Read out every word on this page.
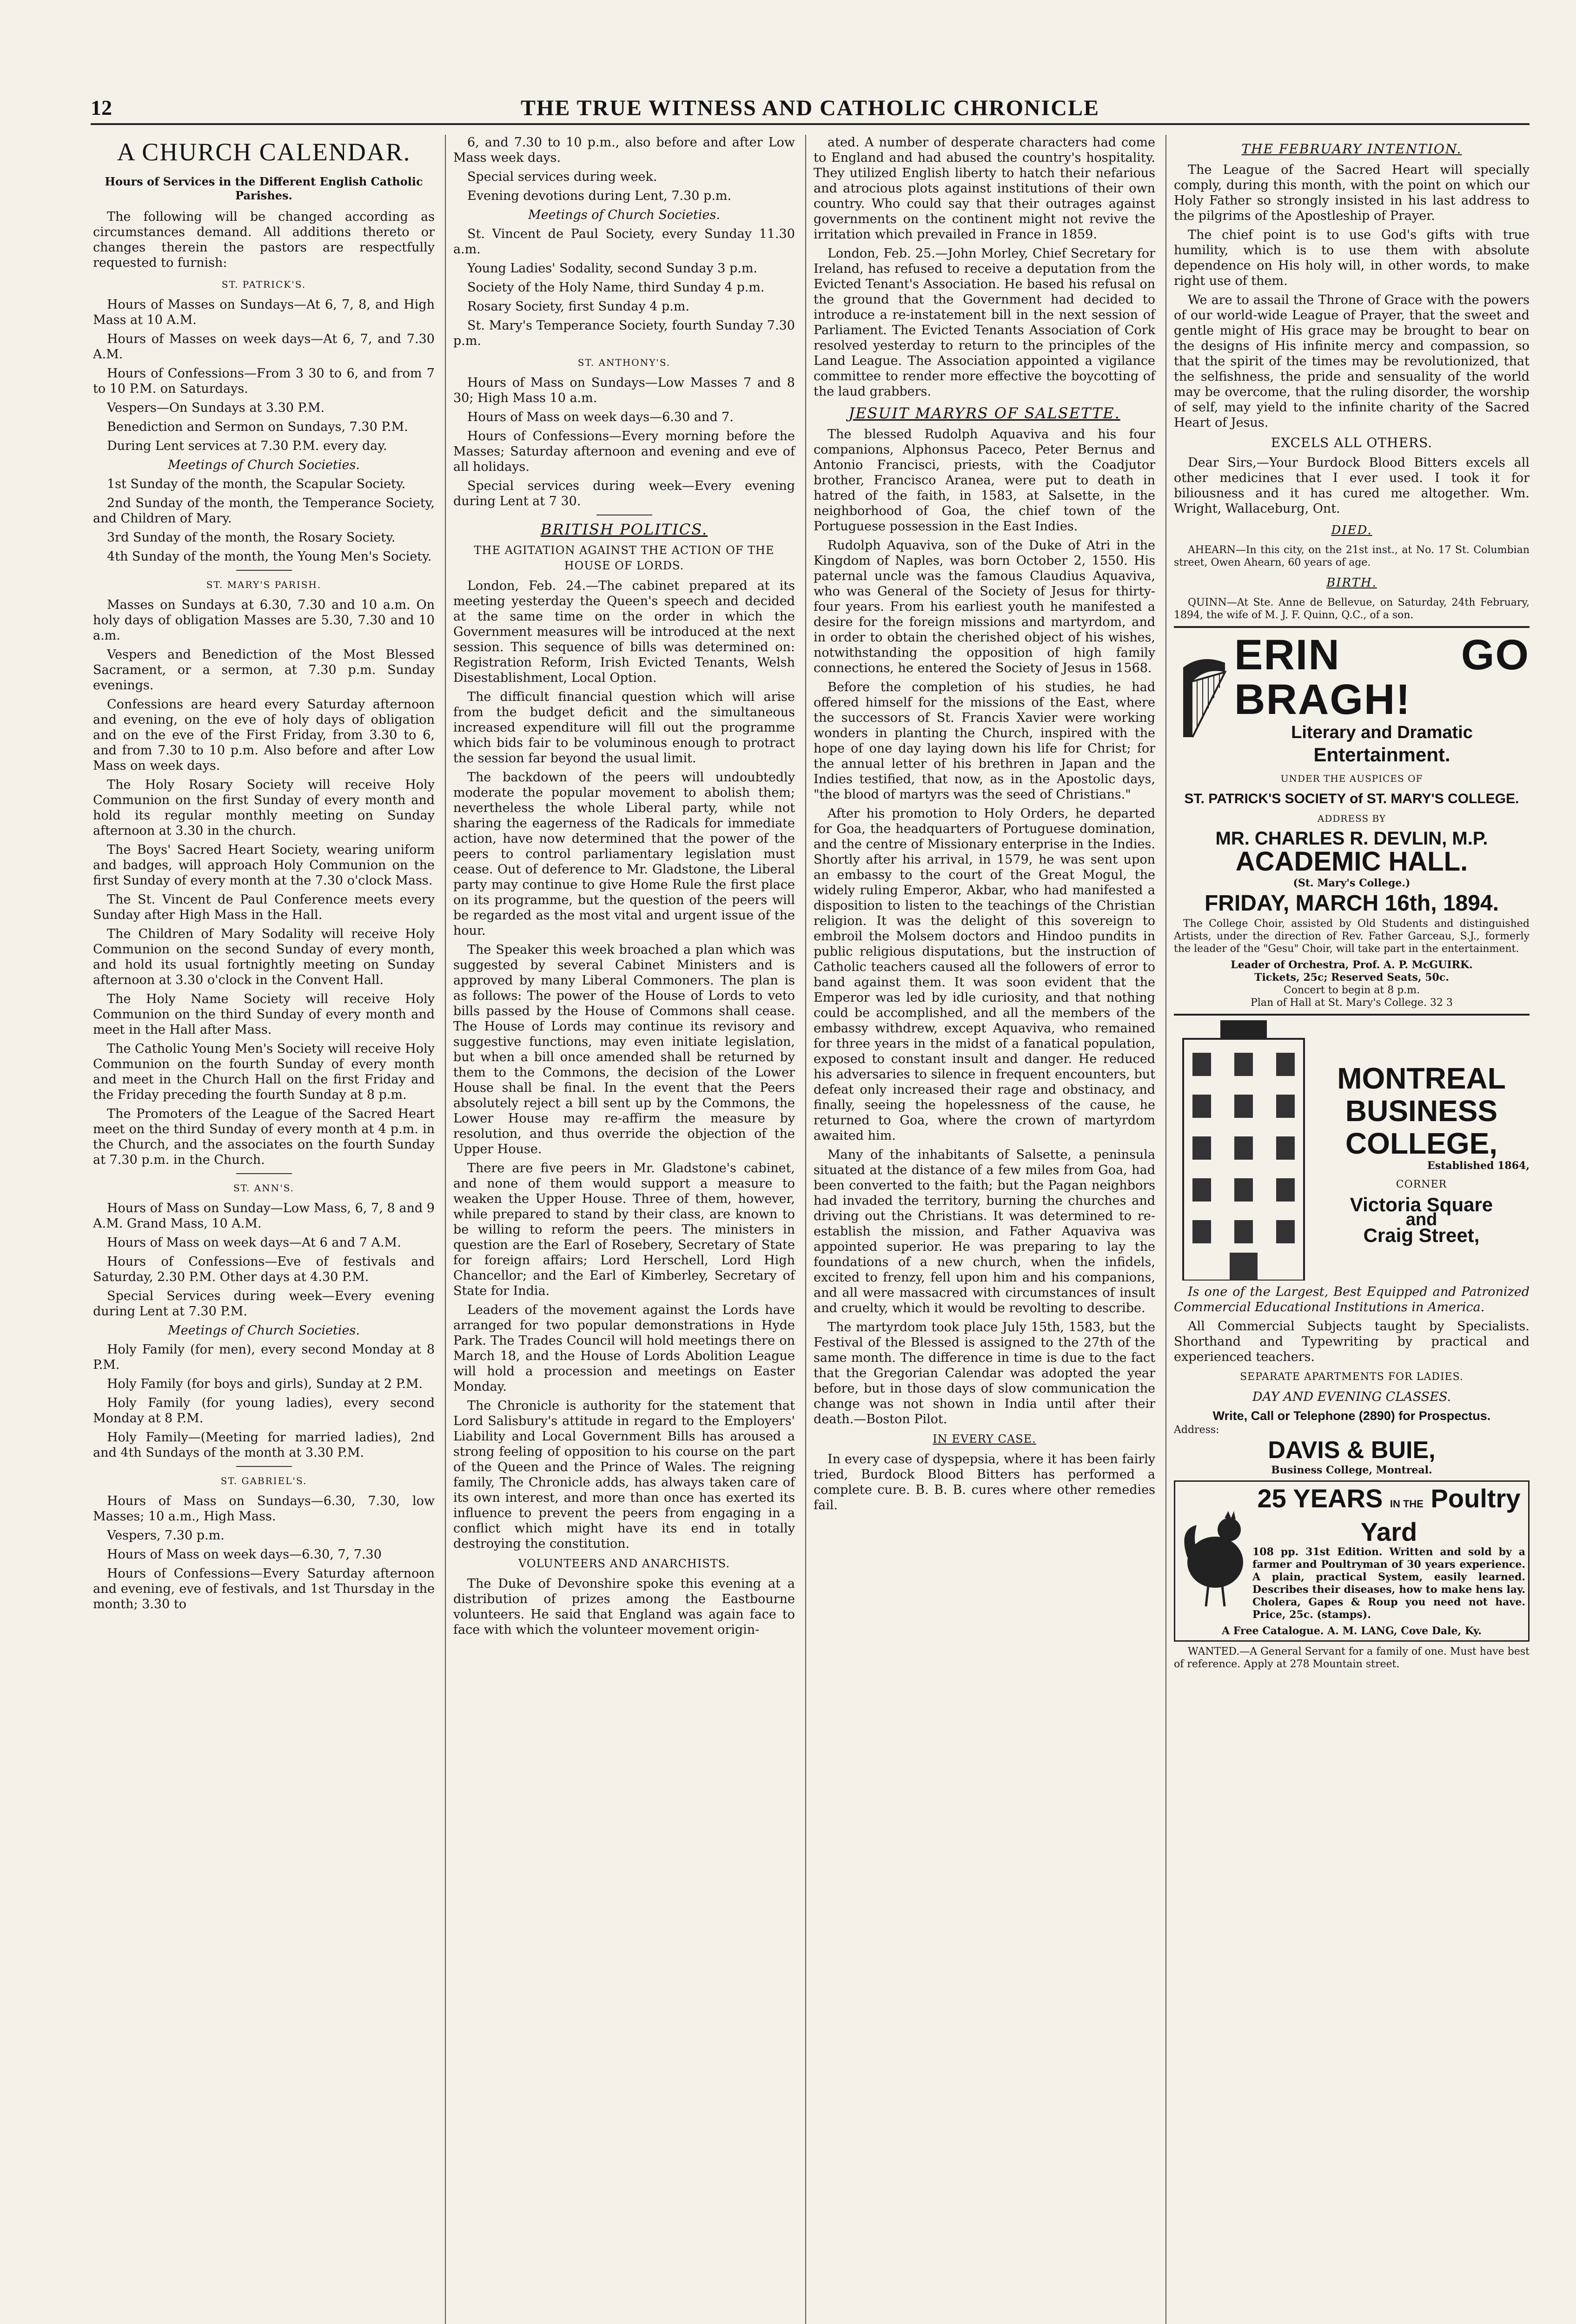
12	THE TRUE WITNESS AND CATHOLIC CHRONICLE
A CHURCH CALENDAR.
Hours of Services in the Different English Catholic Parishes.

The following will be changed according as circumstances demand. All additions thereto or changes therein the pastors are respectfully requested to furnish:

ST. PATRICK'S.

Hours of Masses on Sundays—At 6, 7, 8, and High Mass at 10 A.M.

Hours of Masses on week days—At 6, 7, and 7.30 A.M.

Hours of Confessions—From 3 30 to 6, and from 7 to 10 P.M. on Saturdays.

Vespers—On Sundays at 3.30 P.M.

Benediction and Sermon on Sundays, 7.30 P.M.

During Lent services at 7.30 P.M. every day.

Meetings of Church Societies.

1st Sunday of the month, the Scapular Society.

2nd Sunday of the month, the Temperance Society, and Children of Mary.

3rd Sunday of the month, the Rosary Society.

4th Sunday of the month, the Young Men's Society.

ST. MARY'S PARISH.

Masses on Sundays at 6.30, 7.30 and 10 a.m. On holy days of obligation Masses are 5.30, 7.30 and 10 a.m.

Vespers and Benediction of the Most Blessed Sacrament, or a sermon, at 7.30 p.m. Sunday evenings.

Confessions are heard every Saturday afternoon and evening, on the eve of holy days of obligation and on the eve of the First Friday, from 3.30 to 6, and from 7.30 to 10 p.m. Also before and after Low Mass on week days.

The Holy Rosary Society will receive Holy Communion on the first Sunday of every month and hold its regular monthly meeting on Sunday afternoon at 3.30 in the church.

The Boys' Sacred Heart Society, wearing uniform and badges, will approach Holy Communion on the first Sunday of every month at the 7.30 o'clock Mass.

The St. Vincent de Paul Conference meets every Sunday after High Mass in the Hall.

The Children of Mary Sodality will receive Holy Communion on the second Sunday of every month, and hold its usual fortnightly meeting on Sunday afternoon at 3.30 o'clock in the Convent Hall.

The Holy Name Society will receive Holy Communion on the third Sunday of every month and meet in the Hall after Mass.

The Catholic Young Men's Society will receive Holy Communion on the fourth Sunday of every month and meet in the Church Hall on the first Friday and the Friday preceding the fourth Sunday at 8 p.m.

The Promoters of the League of the Sacred Heart meet on the third Sunday of every month at 4 p.m. in the Church, and the associates on the fourth Sunday at 7.30 p.m. in the Church.

ST. ANN'S.

Hours of Mass on Sunday—Low Mass, 6, 7, 8 and 9 A.M. Grand Mass, 10 A.M.

Hours of Mass on week days—At 6 and 7 A.M.

Hours of Confessions—Eve of festivals and Saturday, 2.30 P.M. Other days at 4.30 P.M.

Special Services during week—Every evening during Lent at 7.30 P.M.

Meetings of Church Societies.

Holy Family (for men), every second Monday at 8 P.M.

Holy Family (for boys and girls), Sunday at 2 P.M.

Holy Family (for young ladies), every second Monday at 8 P.M.

Holy Family—(Meeting for married ladies), 2nd and 4th Sundays of the month at 3.30 P.M.

ST. GABRIEL'S.

Hours of Mass on Sundays—6.30, 7.30, low Masses; 10 a.m., High Mass.

Vespers, 7.30 p.m.

Hours of Mass on week days—6.30, 7, 7.30

Hours of Confessions—Every Saturday afternoon and evening, eve of festivals, and 1st Thursday in the month; 3.30 to

6, and 7.30 to 10 p.m., also before and after Low Mass week days.

Special services during week.

Evening devotions during Lent, 7.30 p.m.

Meetings of Church Societies.

St. Vincent de Paul Society, every Sunday 11.30 a.m.

Young Ladies' Sodality, second Sunday 3 p.m.

Society of the Holy Name, third Sunday 4 p.m.

Rosary Society, first Sunday 4 p.m.

St. Mary's Temperance Society, fourth Sunday 7.30 p.m.

ST. ANTHONY'S.

Hours of Mass on Sundays—Low Masses 7 and 8 30; High Mass 10 a.m.

Hours of Mass on week days—6.30 and 7.

Hours of Confessions—Every morning before the Masses; Saturday afternoon and evening and eve of all holidays.

Special services during week—Every evening during Lent at 7 30.

BRITISH POLITICS.
THE AGITATION AGAINST THE ACTION OF THE HOUSE OF LORDS.

London, Feb. 24.—The cabinet prepared at its meeting yesterday the Queen's speech and decided at the same time on the order in which the Government measures will be introduced at the next session. This sequence of bills was determined on: Registration Reform, Irish Evicted Tenants, Welsh Disestablishment, Local Option.

The difficult financial question which will arise from the budget deficit and the simultaneous increased expenditure will fill out the programme which bids fair to be voluminous enough to protract the session far beyond the usual limit.

The backdown of the peers will undoubtedly moderate the popular movement to abolish them; nevertheless the whole Liberal party, while not sharing the eagerness of the Radicals for immediate action, have now determined that the power of the peers to control parliamentary legislation must cease. Out of deference to Mr. Gladstone, the Liberal party may continue to give Home Rule the first place on its programme, but the question of the peers will be regarded as the most vital and urgent issue of the hour.

The Speaker this week broached a plan which was suggested by several Cabinet Ministers and is approved by many Liberal Commoners. The plan is as follows: The power of the House of Lords to veto bills passed by the House of Commons shall cease. The House of Lords may continue its revisory and suggestive functions, may even initiate legislation, but when a bill once amended shall be returned by them to the Commons, the decision of the Lower House shall be final. In the event that the Peers absolutely reject a bill sent up by the Commons, the Lower House may re-affirm the measure by resolution, and thus override the objection of the Upper House.

There are five peers in Mr. Gladstone's cabinet, and none of them would support a measure to weaken the Upper House. Three of them, however, while prepared to stand by their class, are known to be willing to reform the peers. The ministers in question are the Earl of Rosebery, Secretary of State for foreign affairs; Lord Herschell, Lord High Chancellor; and the Earl of Kimberley, Secretary of State for India.

Leaders of the movement against the Lords have arranged for two popular demonstrations in Hyde Park. The Trades Council will hold meetings there on March 18, and the House of Lords Abolition League will hold a procession and meetings on Easter Monday.

The Chronicle is authority for the statement that Lord Salisbury's attitude in regard to the Employers' Liability and Local Government Bills has aroused a strong feeling of opposition to his course on the part of the Queen and the Prince of Wales. The reigning family, The Chronicle adds, has always taken care of its own interest, and more than once has exerted its influence to prevent the peers from engaging in a conflict which might have its end in totally destroying the constitution.

VOLUNTEERS AND ANARCHISTS.

The Duke of Devonshire spoke this evening at a distribution of prizes among the Eastbourne volunteers. He said that England was again face to face with which the volunteer movement origin-

ated. A number of desperate characters had come to England and had abused the country's hospitality. They utilized English liberty to hatch their nefarious and atrocious plots against institutions of their own country. Who could say that their outrages against governments on the continent might not revive the irritation which prevailed in France in 1859.

London, Feb. 25.—John Morley, Chief Secretary for Ireland, has refused to receive a deputation from the Evicted Tenant's Association. He based his refusal on the ground that the Government had decided to introduce a re-instatement bill in the next session of Parliament. The Evicted Tenants Association of Cork resolved yesterday to return to the principles of the Land League. The Association appointed a vigilance committee to render more effective the boycotting of the laud grabbers.

JESUIT MARYRS OF SALSETTE.

The blessed Rudolph Aquaviva and his four companions, Alphonsus Paceco, Peter Bernus and Antonio Francisci, priests, with the Coadjutor brother, Francisco Aranea, were put to death in hatred of the faith, in 1583, at Salsette, in the neighborhood of Goa, the chief town of the Portuguese possession in the East Indies.

Rudolph Aquaviva, son of the Duke of Atri in the Kingdom of Naples, was born October 2, 1550. His paternal uncle was the famous Claudius Aquaviva, who was General of the Society of Jesus for thirty-four years. From his earliest youth he manifested a desire for the foreign missions and martyrdom, and in order to obtain the cherished object of his wishes, notwithstanding the opposition of high family connections, he entered the Society of Jesus in 1568.

Before the completion of his studies, he had offered himself for the missions of the East, where the successors of St. Francis Xavier were working wonders in planting the Church, inspired with the hope of one day laying down his life for Christ; for the annual letter of his brethren in Japan and the Indies testified, that now, as in the Apostolic days, "the blood of martyrs was the seed of Christians."

After his promotion to Holy Orders, he departed for Goa, the headquarters of Portuguese domination, and the centre of Missionary enterprise in the Indies. Shortly after his arrival, in 1579, he was sent upon an embassy to the court of the Great Mogul, the widely ruling Emperor, Akbar, who had manifested a disposition to listen to the teachings of the Christian religion. It was the delight of this sovereign to embroil the Molsem doctors and Hindoo pundits in public religious disputations, but the instruction of Catholic teachers caused all the followers of error to band against them. It was soon evident that the Emperor was led by idle curiosity, and that nothing could be accomplished, and all the members of the embassy withdrew, except Aquaviva, who remained for three years in the midst of a fanatical population, exposed to constant insult and danger. He reduced his adversaries to silence in frequent encounters, but defeat only increased their rage and obstinacy, and finally, seeing the hopelessness of the cause, he returned to Goa, where the crown of martyrdom awaited him.

Many of the inhabitants of Salsette, a peninsula situated at the distance of a few miles from Goa, had been converted to the faith; but the Pagan neighbors had invaded the territory, burning the churches and driving out the Christians. It was determined to re-establish the mission, and Father Aquaviva was appointed superior. He was preparing to lay the foundations of a new church, when the infidels, excited to frenzy, fell upon him and his companions, and all were massacred with circumstances of insult and cruelty, which it would be revolting to describe.

The martyrdom took place July 15th, 1583, but the Festival of the Blessed is assigned to the 27th of the same month. The difference in time is due to the fact that the Gregorian Calendar was adopted the year before, but in those days of slow communication the change was not shown in India until after their death.—Boston Pilot.

IN EVERY CASE.

In every case of dyspepsia, where it has been fairly tried, Burdock Blood Bitters has performed a complete cure. B. B. B. cures where other remedies fail.

THE FEBRUARY INTENTION.

The League of the Sacred Heart will specially comply, during this month, with the point on which our Holy Father so strongly insisted in his last address to the pilgrims of the Apostleship of Prayer.

The chief point is to use God's gifts with true humility, which is to use them with absolute dependence on His holy will, in other words, to make right use of them.

We are to assail the Throne of Grace with the powers of our world-wide League of Prayer, that the sweet and gentle might of His grace may be brought to bear on the designs of His infinite mercy and compassion, so that the spirit of the times may be revolutionized, that the selfishness, the pride and sensuality of the world may be overcome, that the ruling disorder, the worship of self, may yield to the infinite charity of the Sacred Heart of Jesus.

EXCELS ALL OTHERS.

Dear Sirs,—Your Burdock Blood Bitters excels all other medicines that I ever used. I took it for biliousness and it has cured me altogether. Wm. Wright, Wallaceburg, Ont.

DIED.

AHEARN—In this city, on the 21st inst., at No. 17 St. Columbian street, Owen Ahearn, 60 years of age.

BIRTH.

QUINN—At Ste. Anne de Bellevue, on Saturday, 24th February, 1894, the wife of M. J. F. Quinn, Q.C., of a son.

ERIN GO BRAGH!
Literary and Dramatic
Entertainment.
UNDER THE AUSPICES OF
ST. PATRICK'S SOCIETY of ST. MARY'S COLLEGE.
ADDRESS BY
MR. CHARLES R. DEVLIN, M.P.
ACADEMIC HALL.
(St. Mary's College.)
FRIDAY, MARCH 16th, 1894.

The College Choir, assisted by Old Students and distinguished Artists, under the direction of Rev. Father Garceau, S.J., formerly the leader of the "Gesu" Choir, will take part in the entertainment.

Leader of Orchestra, Prof. A. P. McGUIRK.
Tickets, 25c; Reserved Seats, 50c.
Concert to begin at 8 p.m.
Plan of Hall at St. Mary's College. 32 3
MONTREAL
BUSINESS
COLLEGE,
Established 1864,
CORNER
Victoria Square
and
Craig Street,

Is one of the Largest, Best Equipped and Patronized Commercial Educational Institutions in America.

All Commercial Subjects taught by Specialists. Shorthand and Typewriting by practical and experienced teachers.

SEPARATE APARTMENTS FOR LADIES.
DAY AND EVENING CLASSES.
Write, Call or Telephone (2890) for Prospectus.
Address:
DAVIS & BUIE,
Business College, Montreal.
25 YEARS IN THE Poultry Yard

108 pp. 31st Edition. Written and sold by a farmer and Poultryman of 30 years experience. A plain, practical System, easily learned. Describes their diseases, how to make hens lay. Cholera, Gapes & Roup you need not have. Price, 25c. (stamps).

A Free Catalogue. A. M. LANG, Cove Dale, Ky.

WANTED.—A General Servant for a family of one. Must have best of reference. Apply at 278 Mountain street.
